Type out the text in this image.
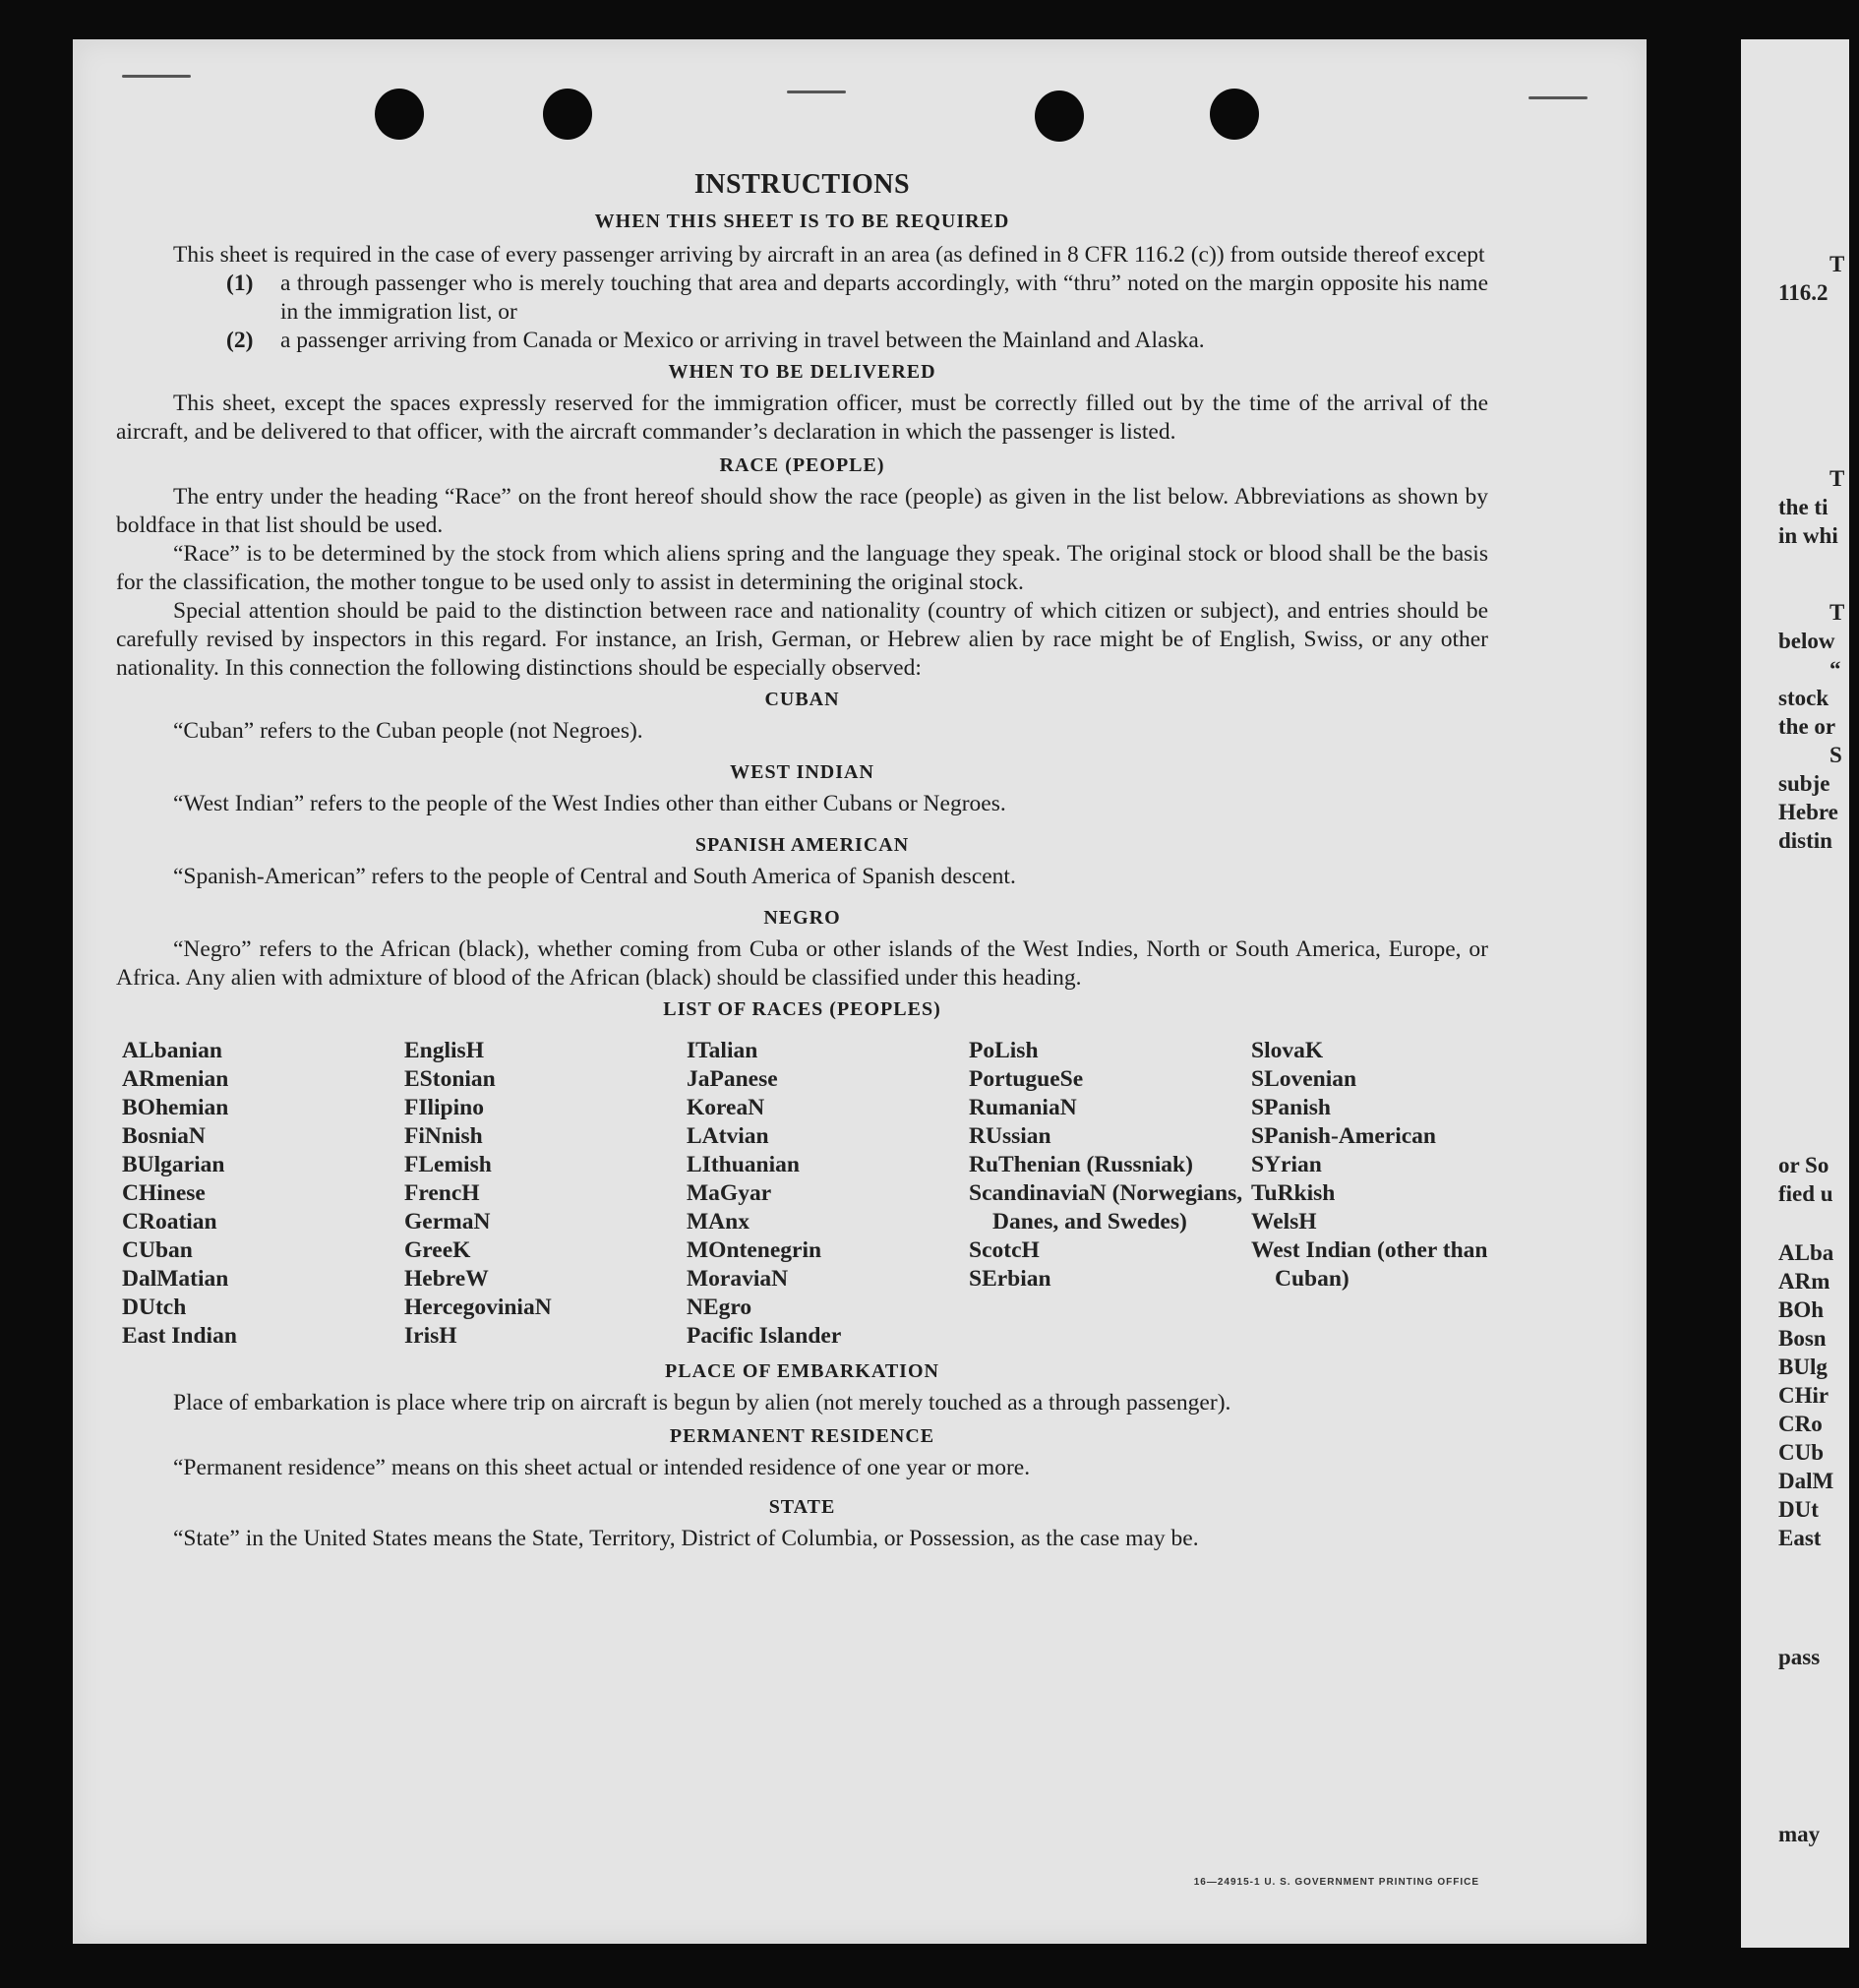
INSTRUCTIONS
WHEN THIS SHEET IS TO BE REQUIRED

This sheet is required in the case of every passenger arriving by aircraft in an area (as defined in 8 CFR 116.2 (c)) from outside thereof except

(1)	a through passenger who is merely touching that area and departs accordingly, with “thru” noted on the margin opposite his name in the immigration list, or
(2)	a passenger arriving from Canada or Mexico or arriving in travel between the Mainland and Alaska.
WHEN TO BE DELIVERED

This sheet, except the spaces expressly reserved for the immigration officer, must be correctly filled out by the time of the arrival of the aircraft, and be delivered to that officer, with the aircraft commander’s declaration in which the passenger is listed.

RACE (PEOPLE)

The entry under the heading “Race” on the front hereof should show the race (people) as given in the list below. Abbreviations as shown by boldface in that list should be used.

“Race” is to be determined by the stock from which aliens spring and the language they speak. The original stock or blood shall be the basis for the classification, the mother tongue to be used only to assist in determining the original stock.

Special attention should be paid to the distinction between race and nationality (country of which citizen or subject), and entries should be carefully revised by inspectors in this regard. For instance, an Irish, German, or Hebrew alien by race might be of English, Swiss, or any other nationality. In this connection the following distinctions should be especially observed:

CUBAN

“Cuban” refers to the Cuban people (not Negroes).

WEST INDIAN

“West Indian” refers to the people of the West Indies other than either Cubans or Negroes.

SPANISH AMERICAN

“Spanish-American” refers to the people of Central and South America of Spanish descent.

NEGRO

“Negro” refers to the African (black), whether coming from Cuba or other islands of the West Indies, North or South America, Europe, or Africa. Any alien with admixture of blood of the African (black) should be classified under this heading.

LIST OF RACES (PEOPLES)
ALbanian
ARmenian
BOhemian
BosniaN
BUlgarian
CHinese
CRoatian
CUban
DalMatian
DUtch
East Indian
EnglisH
EStonian
FIlipino
FiNnish
FLemish
FrencH
GermaN
GreeK
HebreW
HercegoviniaN
IrisH
ITalian
JaPanese
KoreaN
LAtvian
LIthuanian
MaGyar
MAnx
MOntenegrin
MoraviaN
NEgro
Pacific Islander
PoLish
PortugueSe
RumaniaN
RUssian
RuThenian (Russniak)
ScandinaviaN (Norwegians, Danes, and Swedes)
ScotcH
SErbian
SlovaK
SLovenian
SPanish
SPanish-American
SYrian
TuRkish
WelsH
West Indian (other than Cuban)
PLACE OF EMBARKATION

Place of embarkation is place where trip on aircraft is begun by alien (not merely touched as a through passenger).

PERMANENT RESIDENCE

“Permanent residence” means on this sheet actual or intended residence of one year or more.

STATE

“State” in the United States means the State, Territory, District of Columbia, or Possession, as the case may be.

16—24915-1 U. S. GOVERNMENT PRINTING OFFICE
T
116.2
T
the ti
in whi
T
below
“
stock
the or
S
subje
Hebre
distin
or So
fied u
ALba
ARm
BOh
Bosn
BUlg
CHir
CRo
CUb
DalM
DUt
East
pass
may
